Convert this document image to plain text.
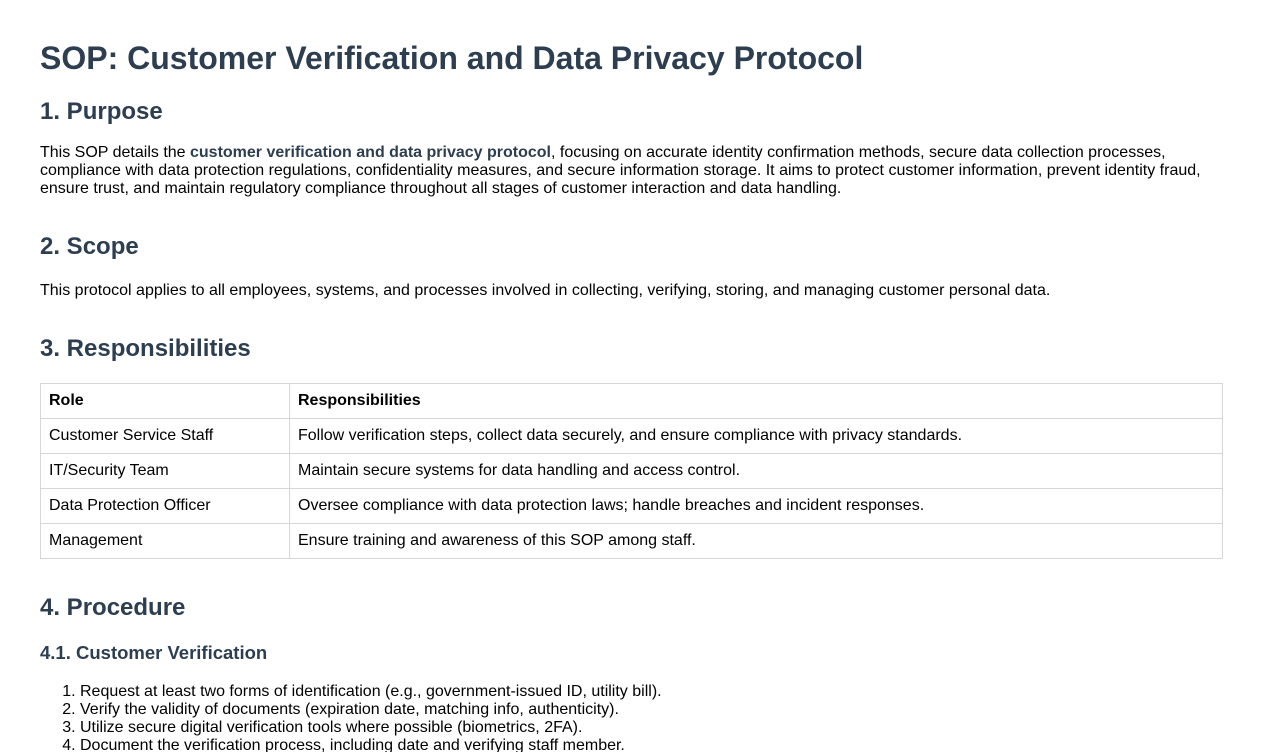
SOP: Customer Verification and Data Privacy Protocol
1. Purpose

This SOP details the customer verification and data privacy protocol, focusing on accurate identity confirmation methods, secure data collection processes, compliance with data protection regulations, confidentiality measures, and secure information storage. It aims to protect customer information, prevent identity fraud, ensure trust, and maintain regulatory compliance throughout all stages of customer interaction and data handling.

2. Scope

This protocol applies to all employees, systems, and processes involved in collecting, verifying, storing, and managing customer personal data.

3. Responsibilities
Role	Responsibilities
Customer Service Staff	Follow verification steps, collect data securely, and ensure compliance with privacy standards.
IT/Security Team	Maintain secure systems for data handling and access control.
Data Protection Officer	Oversee compliance with data protection laws; handle breaches and incident responses.
Management	Ensure training and awareness of this SOP among staff.
4. Procedure
4.1. Customer Verification
1. Request at least two forms of identification (e.g., government-issued ID, utility bill).
2. Verify the validity of documents (expiration date, matching info, authenticity).
3. Utilize secure digital verification tools where possible (biometrics, 2FA).
4. Document the verification process, including date and verifying staff member.
